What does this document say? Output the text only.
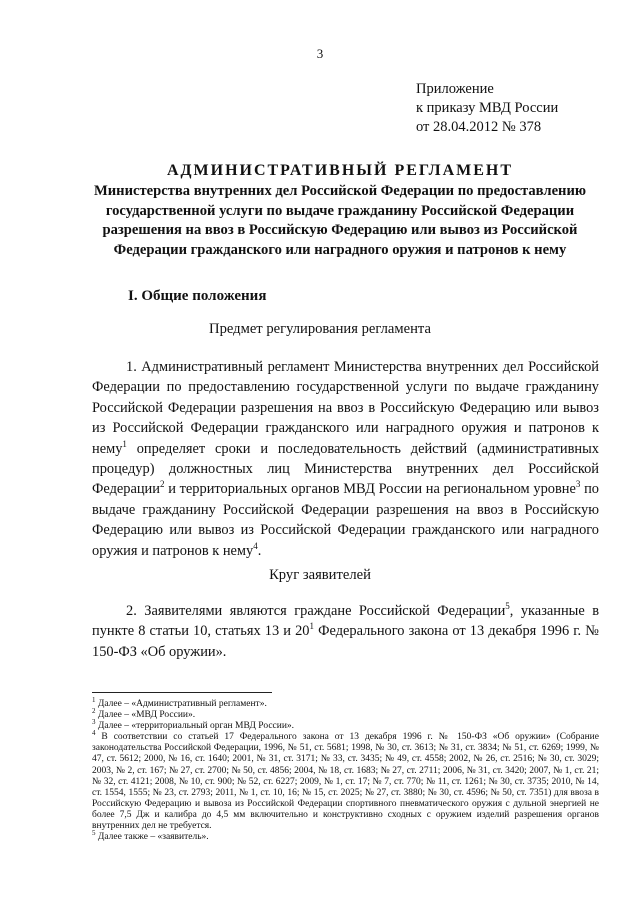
3
Приложение
к приказу МВД России
от 28.04.2012 № 378
АДМИНИСТРАТИВНЫЙ РЕГЛАМЕНТ
Министерства внутренних дел Российской Федерации по предоставлению государственной услуги по выдаче гражданину Российской Федерации разрешения на ввоз в Российскую Федерацию или вывоз из Российской Федерации гражданского или наградного оружия и патронов к нему
I. Общие положения
Предмет регулирования регламента
1. Административный регламент Министерства внутренних дел Российской Федерации по предоставлению государственной услуги по выдаче гражданину Российской Федерации разрешения на ввоз в Российскую Федерацию или вывоз из Российской Федерации гражданского или наградного оружия и патронов к нему$^1$ определяет сроки и последовательность действий (административных процедур) должностных лиц Министерства внутренних дел Российской Федерации$^2$ и территориальных органов МВД России на региональном уровне$^3$ по выдаче гражданину Российской Федерации разрешения на ввоз в Российскую Федерацию или вывоз из Российской Федерации гражданского или наградного оружия и патронов к нему$^4$.
Круг заявителей
2. Заявителями являются граждане Российской Федерации$^5$, указанные в пункте 8 статьи 10, статьях 13 и $20^1$ Федерального закона от 13 декабря 1996 г. № 150-ФЗ «Об оружии».
$^1$ Далее – «Административный регламент».
$^2$ Далее – «МВД России».
$^3$ Далее – «территориальный орган МВД России».
$^4$ В соответствии со статьей 17 Федерального закона от 13 декабря 1996 г. № 150-ФЗ «Об оружии» (Собрание законодательства Российской Федерации, 1996, № 51, ст. 5681; 1998, № 30, ст. 3613; № 31, ст. 3834; № 51, ст. 6269; 1999, № 47, ст. 5612; 2000, № 16, ст. 1640; 2001, № 31, ст. 3171; № 33, ст. 3435; № 49, ст. 4558; 2002, № 26, ст. 2516; № 30, ст. 3029; 2003, № 2, ст. 167; № 27, ст. 2700; № 50, ст. 4856; 2004, № 18, ст. 1683; № 27, ст. 2711; 2006, № 31, ст. 3420; 2007, № 1, ст. 21; № 32, ст. 4121; 2008, № 10, ст. 900; № 52, ст. 6227; 2009, № 1, ст. 17; № 7, ст. 770; № 11, ст. 1261; № 30, ст. 3735; 2010, № 14, ст. 1554, 1555; № 23, ст. 2793; 2011, № 1, ст. 10, 16; № 15, ст. 2025; № 27, ст. 3880; № 30, ст. 4596; № 50, ст. 7351) для ввоза в Российскую Федерацию и вывоза из Российской Федерации спортивного пневматического оружия с дульной энергией не более 7,5 Дж и калибра до 4,5 мм включительно и конструктивно сходных с оружием изделий разрешения органов внутренних дел не требуется.
$^5$ Далее также – «заявитель».
